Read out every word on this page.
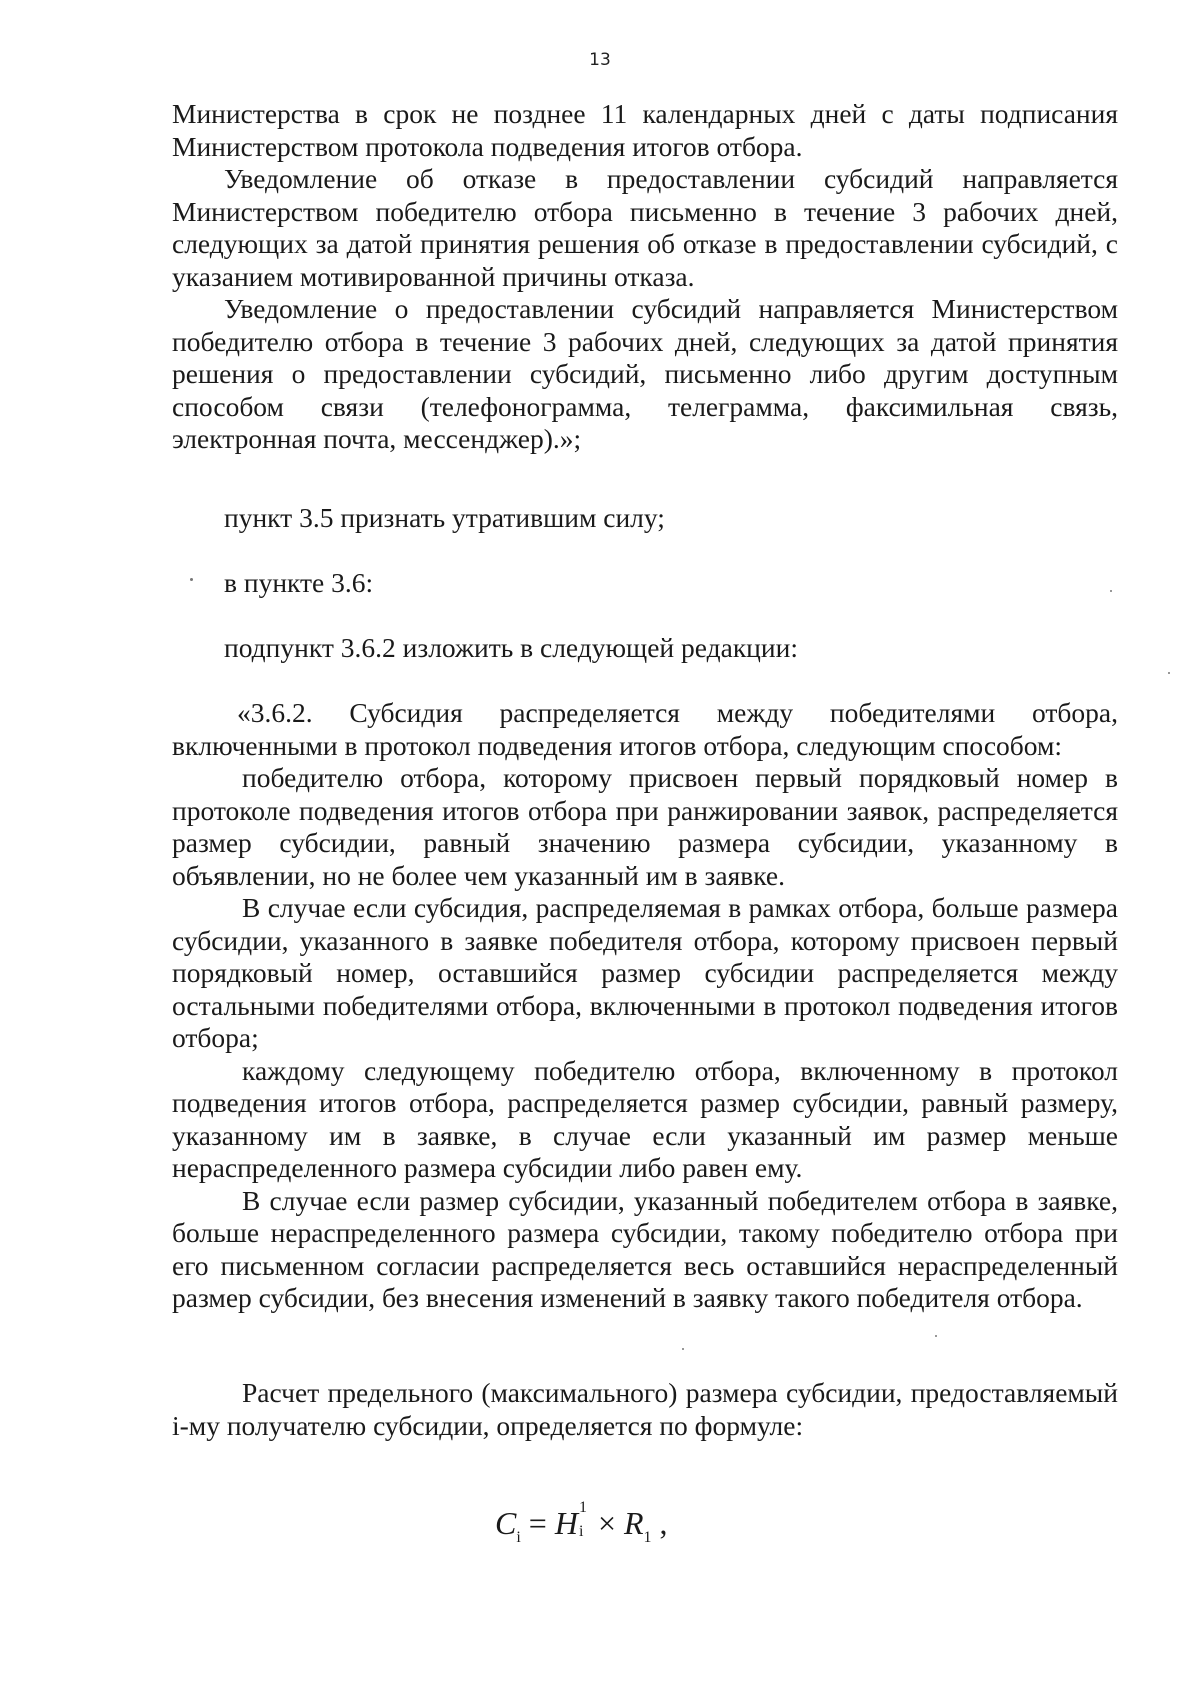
13

Министерства в срок не позднее 11 календарных дней с даты подписания Министерством протокола подведения итогов отбора.

Уведомление об отказе в предоставлении субсидий направляется Министерством победителю отбора письменно в течение 3 рабочих дней, следующих за датой принятия решения об отказе в предоставлении субсидий, с указанием мотивированной причины отказа.

Уведомление о предоставлении субсидий направляется Министерством победителю отбора в течение 3 рабочих дней, следующих за датой принятия решения о предоставлении субсидий, письменно либо другим доступным способом связи (телефонограмма, телеграмма, факсимильная связь, электронная почта, мессенджер).»;

пункт 3.5 признать утратившим силу;
в пункте 3.6:
подпункт 3.6.2 изложить в следующей редакции:

«3.6.2. Субсидия распределяется между победителями отбора, включенными в протокол подведения итогов отбора, следующим способом:

победителю отбора, которому присвоен первый порядковый номер в протоколе подведения итогов отбора при ранжировании заявок, распределяется размер субсидии, равный значению размера субсидии, указанному в объявлении, но не более чем указанный им в заявке.

В случае если субсидия, распределяемая в рамках отбора, больше размера субсидии, указанного в заявке победителя отбора, которому присвоен первый порядковый номер, оставшийся размер субсидии распределяется между остальными победителями отбора, включенными в протокол подведения итогов отбора;

каждому следующему победителю отбора, включенному в протокол подведения итогов отбора, распределяется размер субсидии, равный размеру, указанному им в заявке, в случае если указанный им размер меньше нераспределенного размера субсидии либо равен ему.

В случае если размер субсидии, указанный победителем отбора в заявке, больше нераспределенного размера субсидии, такому победителю отбора при его письменном согласии распределяется весь оставшийся нераспределенный размер субсидии, без внесения изменений в заявку такого победителя отбора.

Расчет предельного (максимального) размера субсидии, предоставляемый i-му получателю субсидии, определяется по формуле:

$C_i = H$ 1
$i \times R_1$ ,
